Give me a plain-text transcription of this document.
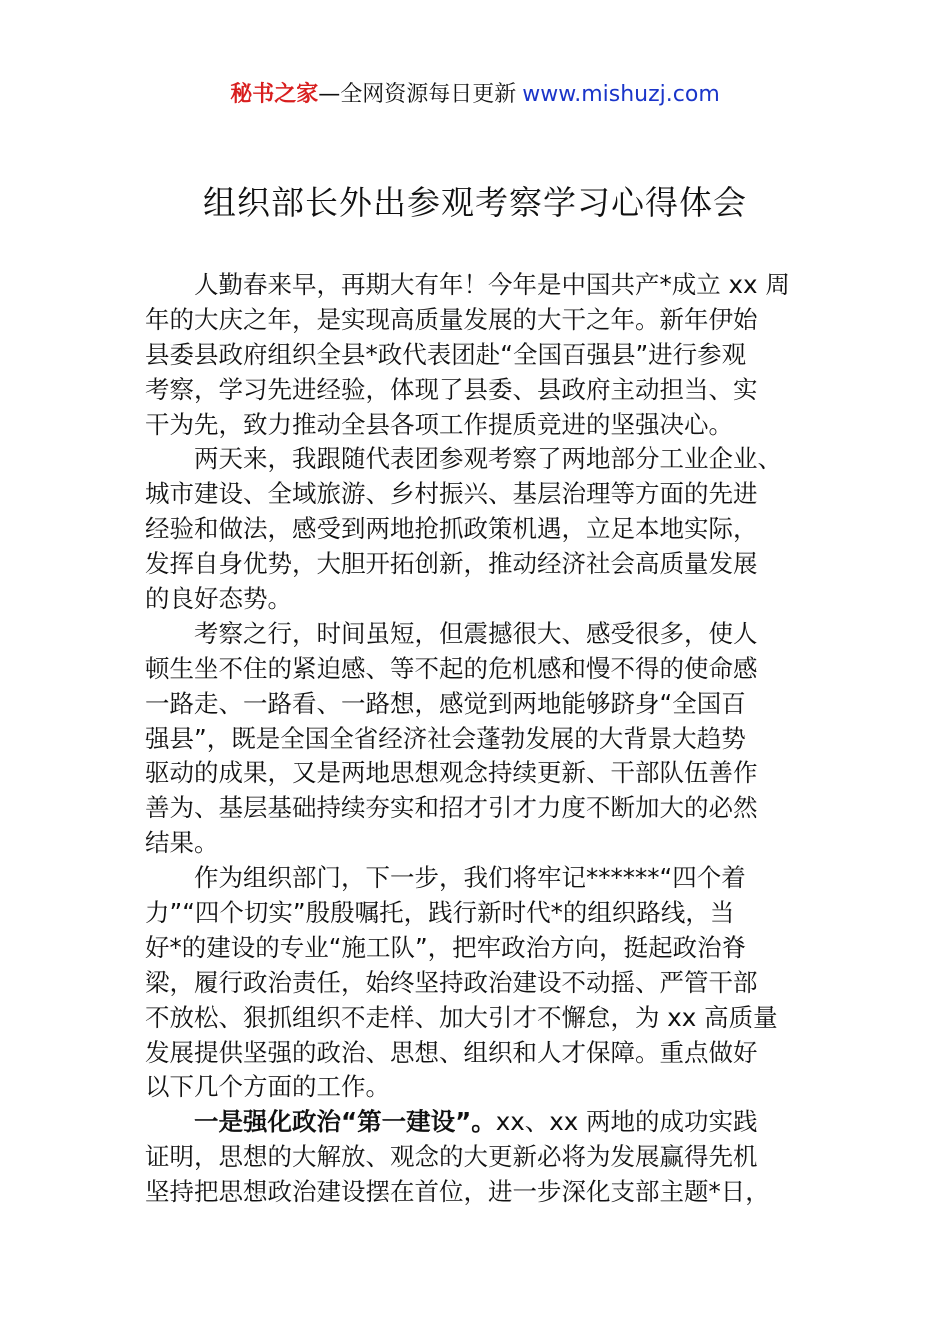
秘书之家—全网资源每日更新 www.mishuzj.com
组织部长外出参观考察学习心得体会
人勤春来早，再期大有年！今年是中国共产*成立 xx 周
年的大庆之年，是实现高质量发展的大干之年。新年伊始
县委县政府组织全县*政代表团赴“全国百强县”进行参观
考察，学习先进经验，体现了县委、县政府主动担当、实
干为先，致力推动全县各项工作提质竞进的坚强决心。
两天来，我跟随代表团参观考察了两地部分工业企业、
城市建设、全域旅游、乡村振兴、基层治理等方面的先进
经验和做法，感受到两地抢抓政策机遇，立足本地实际，
发挥自身优势，大胆开拓创新，推动经济社会高质量发展
的良好态势。
考察之行，时间虽短，但震撼很大、感受很多，使人
顿生坐不住的紧迫感、等不起的危机感和慢不得的使命感
一路走、一路看、一路想，感觉到两地能够跻身“全国百
强县”，既是全国全省经济社会蓬勃发展的大背景大趋势
驱动的成果，又是两地思想观念持续更新、干部队伍善作
善为、基层基础持续夯实和招才引才力度不断加大的必然
结果。
作为组织部门，下一步，我们将牢记******“四个着
力”“四个切实”殷殷嘱托，践行新时代*的组织路线，当
好*的建设的专业“施工队”，把牢政治方向，挺起政治脊
梁，履行政治责任，始终坚持政治建设不动摇、严管干部
不放松、狠抓组织不走样、加大引才不懈怠，为 xx 高质量
发展提供坚强的政治、思想、组织和人才保障。重点做好
以下几个方面的工作。
一是强化政治“第一建设”。xx、xx 两地的成功实践
证明，思想的大解放、观念的大更新必将为发展赢得先机
坚持把思想政治建设摆在首位，进一步深化支部主题*日，
